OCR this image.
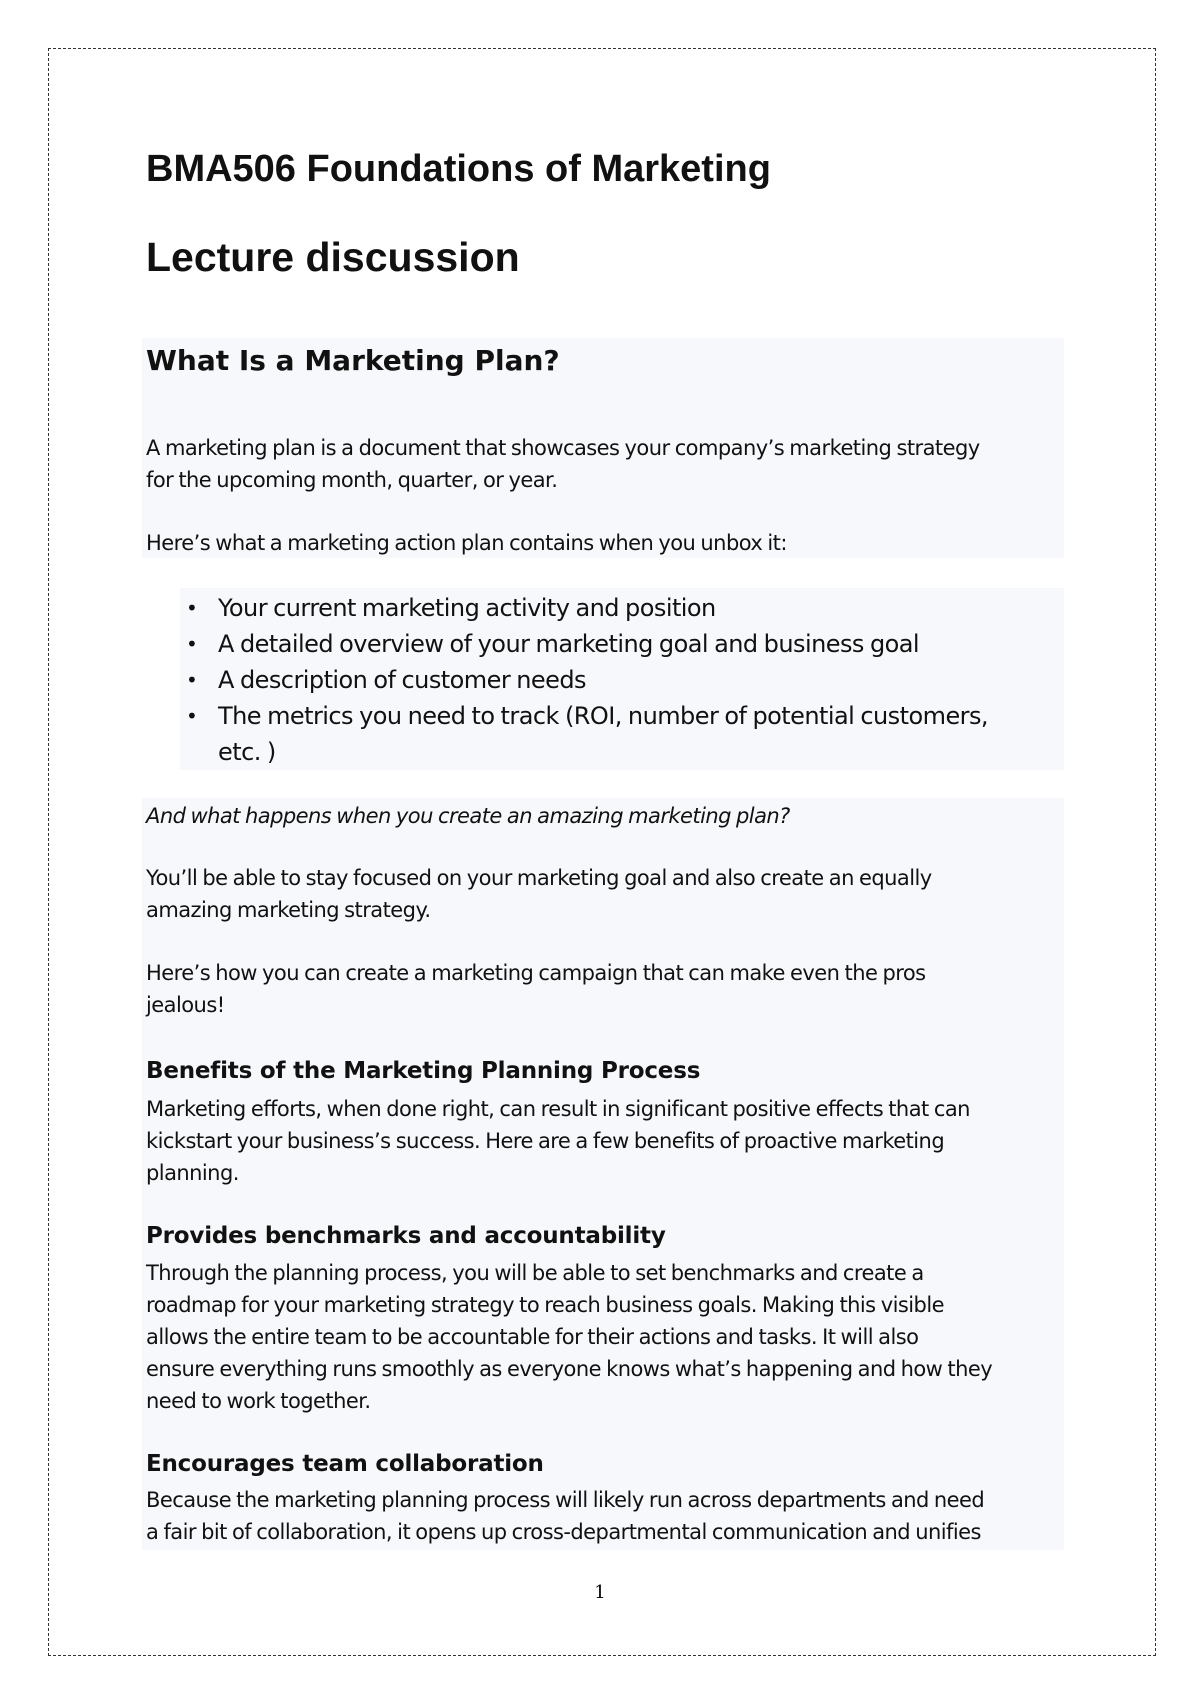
BMA506 Foundations of Marketing
Lecture discussion
What Is a Marketing Plan?

A marketing plan is a document that showcases your company’s marketing strategy
for the upcoming month, quarter, or year.

Here’s what a marketing action plan contains when you unbox it:

• Your current marketing activity and position
• A detailed overview of your marketing goal and business goal
• A description of customer needs
• The metrics you need to track (ROI, number of potential customers,
etc. )

And what happens when you create an amazing marketing plan?

You’ll be able to stay focused on your marketing goal and also create an equally
amazing marketing strategy.

Here’s how you can create a marketing campaign that can make even the pros
jealous!

Benefits of the Marketing Planning Process

Marketing efforts, when done right, can result in significant positive effects that can
kickstart your business’s success. Here are a few benefits of proactive marketing
planning.

Provides benchmarks and accountability

Through the planning process, you will be able to set benchmarks and create a
roadmap for your marketing strategy to reach business goals. Making this visible
allows the entire team to be accountable for their actions and tasks. It will also
ensure everything runs smoothly as everyone knows what’s happening and how they
need to work together.

Encourages team collaboration

Because the marketing planning process will likely run across departments and need
a fair bit of collaboration, it opens up cross-departmental communication and unifies

1
